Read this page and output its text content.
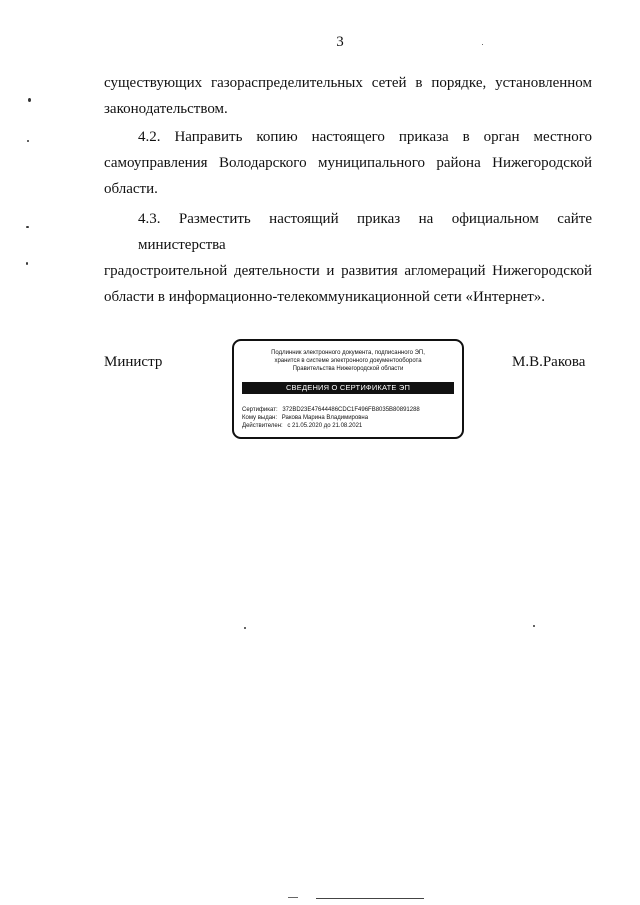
3
существующих газораспределительных сетей в порядке, установленном
законодательством.
4.2. Направить копию настоящего приказа в орган местного
самоуправления Володарского муниципального района Нижегородской
области.
4.3. Разместить настоящий приказ на официальном сайте министерства
градостроительной деятельности и развития агломераций Нижегородской
области в информационно-телекоммуникационной сети «Интернет».
Министр
Подлинник электронного документа, подписанного ЭП,
хранится в системе электронного документооборота
Правительства Нижегородской области
СВЕДЕНИЯ О СЕРТИФИКАТЕ ЭП
Сертификат: 372BD23E47644486CDC1F496FB8035B80891288
Кому выдан: Ракова Марина Владимировна
Действителен: с 21.05.2020 до 21.08.2021
М.В.Ракова
